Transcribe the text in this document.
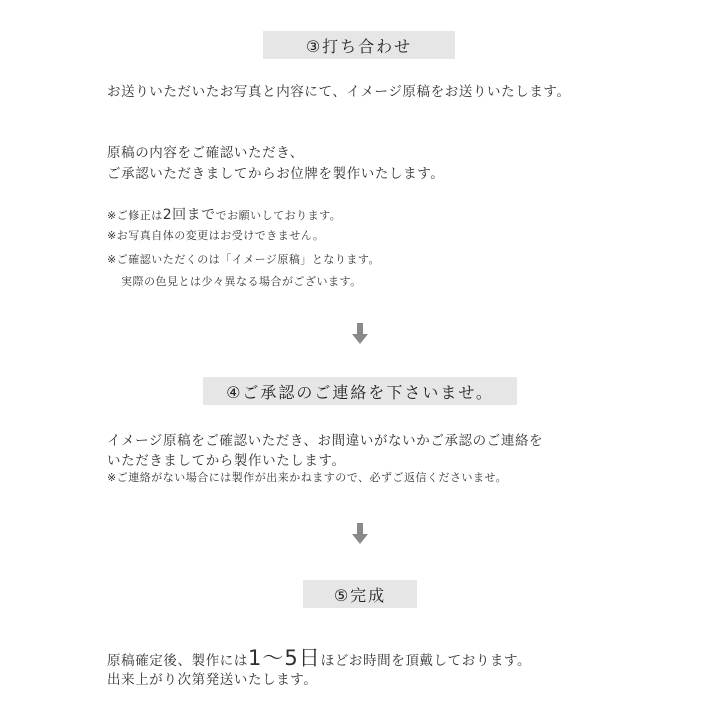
③打ち合わせ
お送りいただいたお写真と内容にて、イメージ原稿をお送りいたします。
原稿の内容をご確認いただき、
ご承認いただきましてからお位牌を製作いたします。
※ご修正は2回まででお願いしております。
※お写真自体の変更はお受けできません。
※ご確認いただくのは「イメージ原稿」となります。
実際の色見とは少々異なる場合がございます。
④ご承認のご連絡を下さいませ。
イメージ原稿をご確認いただき、お間違いがないかご承認のご連絡を
いただきましてから製作いたします。
※ご連絡がない場合には製作が出来かねますので、必ずご返信くださいませ。
⑤完成
原稿確定後、製作には1〜5日ほどお時間を頂戴しております。
出来上がり次第発送いたします。
